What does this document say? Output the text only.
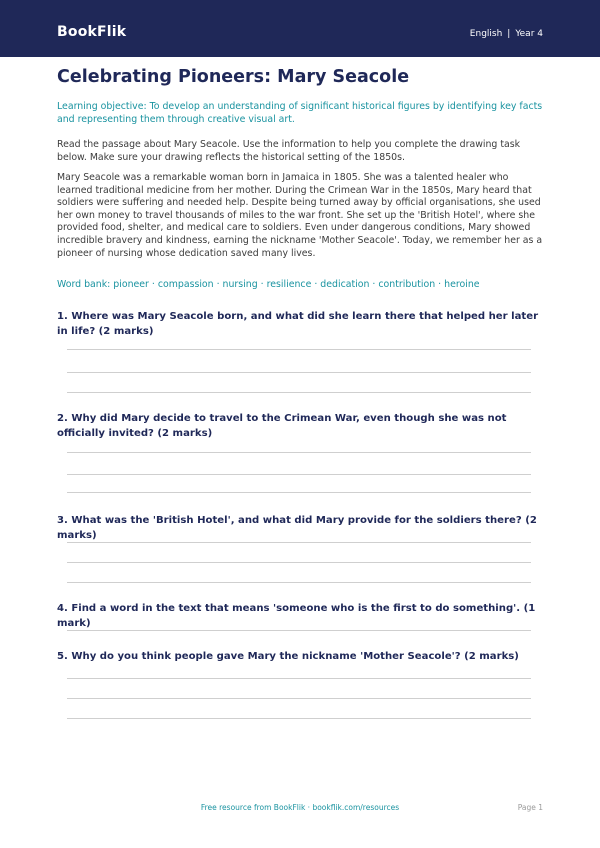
BookFlik	English | Year 4
Celebrating Pioneers: Mary Seacole
Learning objective: To develop an understanding of significant historical figures by identifying key facts and representing them through creative visual art.
Read the passage about Mary Seacole. Use the information to help you complete the drawing task below. Make sure your drawing reflects the historical setting of the 1850s.
Mary Seacole was a remarkable woman born in Jamaica in 1805. She was a talented healer who learned traditional medicine from her mother. During the Crimean War in the 1850s, Mary heard that soldiers were suffering and needed help. Despite being turned away by official organisations, she used her own money to travel thousands of miles to the war front. She set up the 'British Hotel', where she provided food, shelter, and medical care to soldiers. Even under dangerous conditions, Mary showed incredible bravery and kindness, earning the nickname 'Mother Seacole'. Today, we remember her as a pioneer of nursing whose dedication saved many lives.
Word bank: pioneer · compassion · nursing · resilience · dedication · contribution · heroine
1. Where was Mary Seacole born, and what did she learn there that helped her later in life? (2 marks)
2. Why did Mary decide to travel to the Crimean War, even though she was not officially invited? (2 marks)
3. What was the 'British Hotel', and what did Mary provide for the soldiers there? (2 marks)
4. Find a word in the text that means 'someone who is the first to do something'. (1 mark)
5. Why do you think people gave Mary the nickname 'Mother Seacole'? (2 marks)
Free resource from BookFlik · bookflik.com/resources	Page 1
